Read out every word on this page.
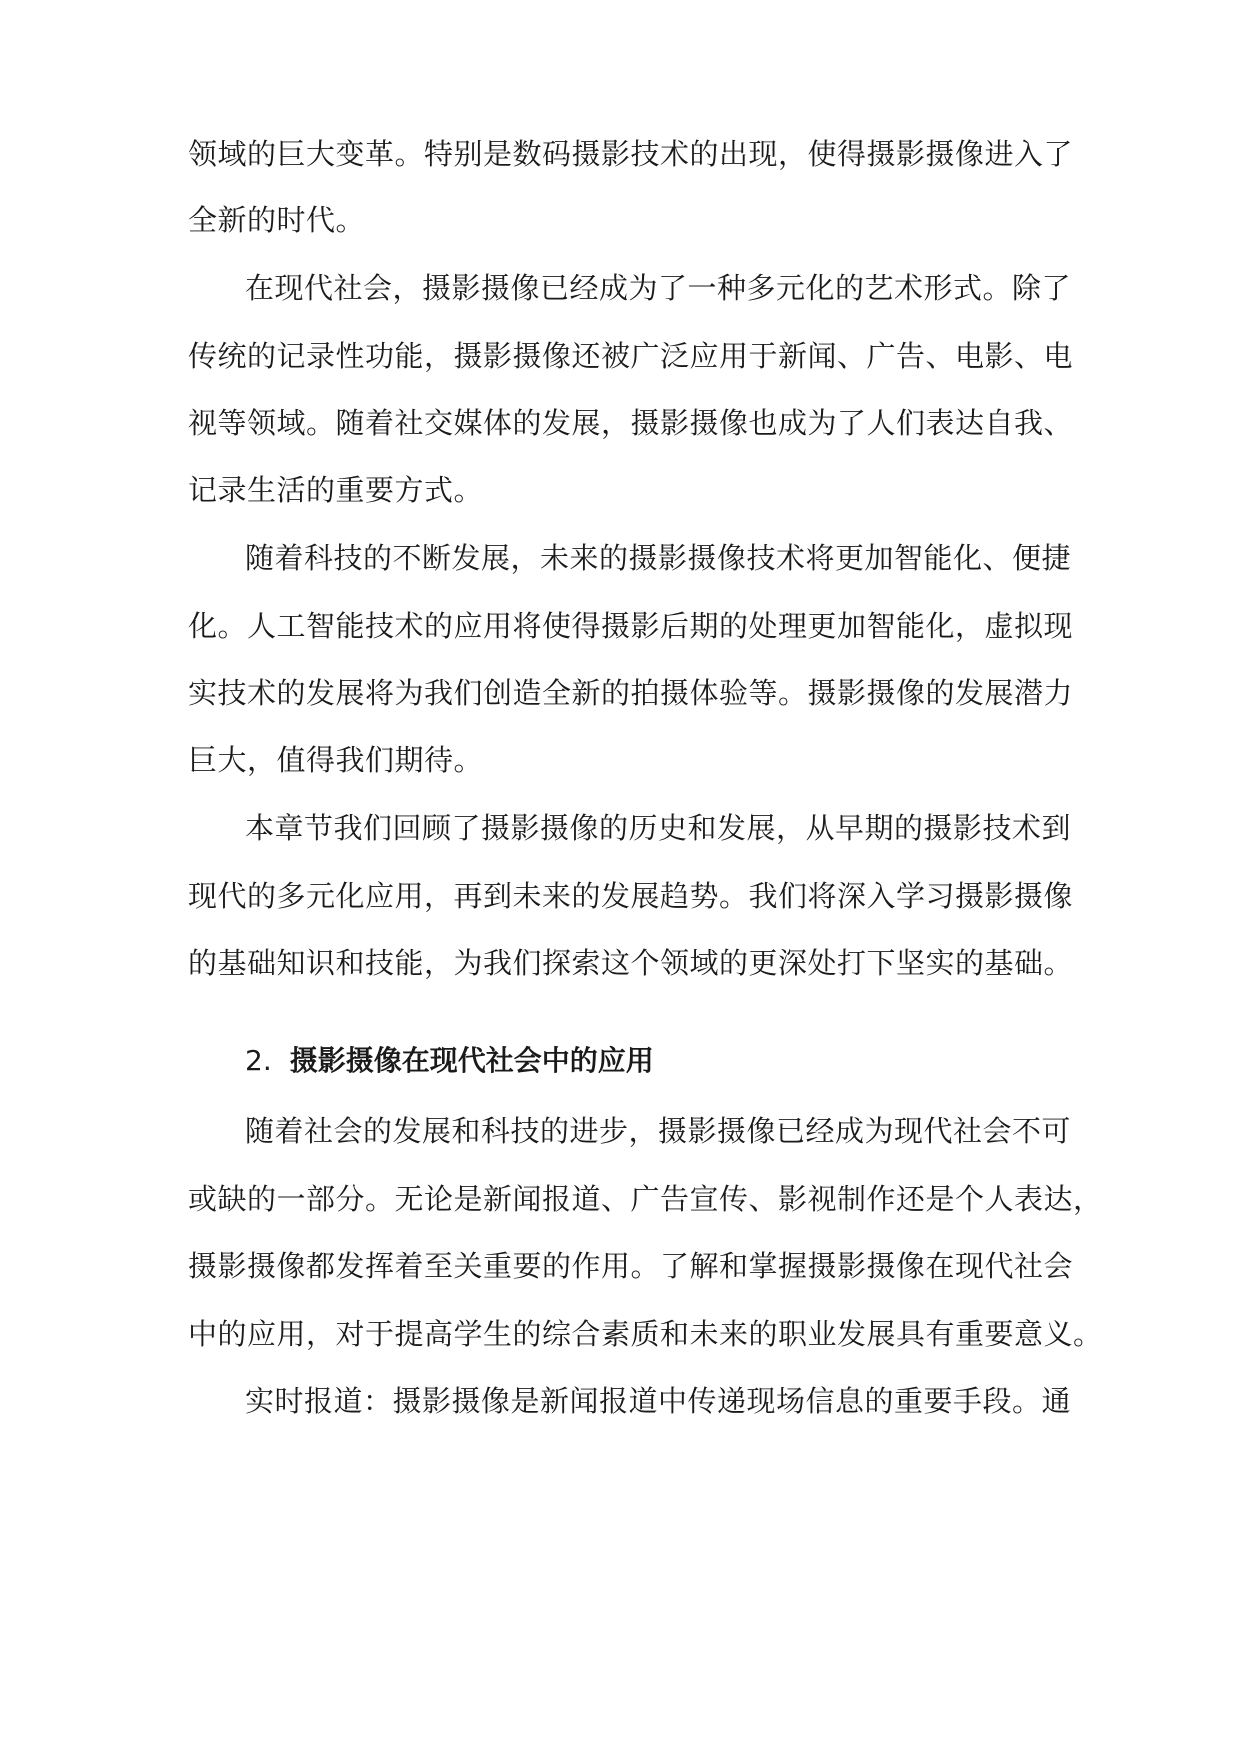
领域的巨大变革。特别是数码摄影技术的出现，使得摄影摄像进入了
全新的时代。
在现代社会，摄影摄像已经成为了一种多元化的艺术形式。除了
传统的记录性功能，摄影摄像还被广泛应用于新闻、广告、电影、电
视等领域。随着社交媒体的发展，摄影摄像也成为了人们表达自我、
记录生活的重要方式。
随着科技的不断发展，未来的摄影摄像技术将更加智能化、便捷
化。人工智能技术的应用将使得摄影后期的处理更加智能化，虚拟现
实技术的发展将为我们创造全新的拍摄体验等。摄影摄像的发展潜力
巨大，值得我们期待。
本章节我们回顾了摄影摄像的历史和发展，从早期的摄影技术到
现代的多元化应用，再到未来的发展趋势。我们将深入学习摄影摄像
的基础知识和技能，为我们探索这个领域的更深处打下坚实的基础。
2. 摄影摄像在现代社会中的应用
随着社会的发展和科技的进步，摄影摄像已经成为现代社会不可
或缺的一部分。无论是新闻报道、广告宣传、影视制作还是个人表达，
摄影摄像都发挥着至关重要的作用。了解和掌握摄影摄像在现代社会
中的应用，对于提高学生的综合素质和未来的职业发展具有重要意义。
实时报道：摄影摄像是新闻报道中传递现场信息的重要手段。通
